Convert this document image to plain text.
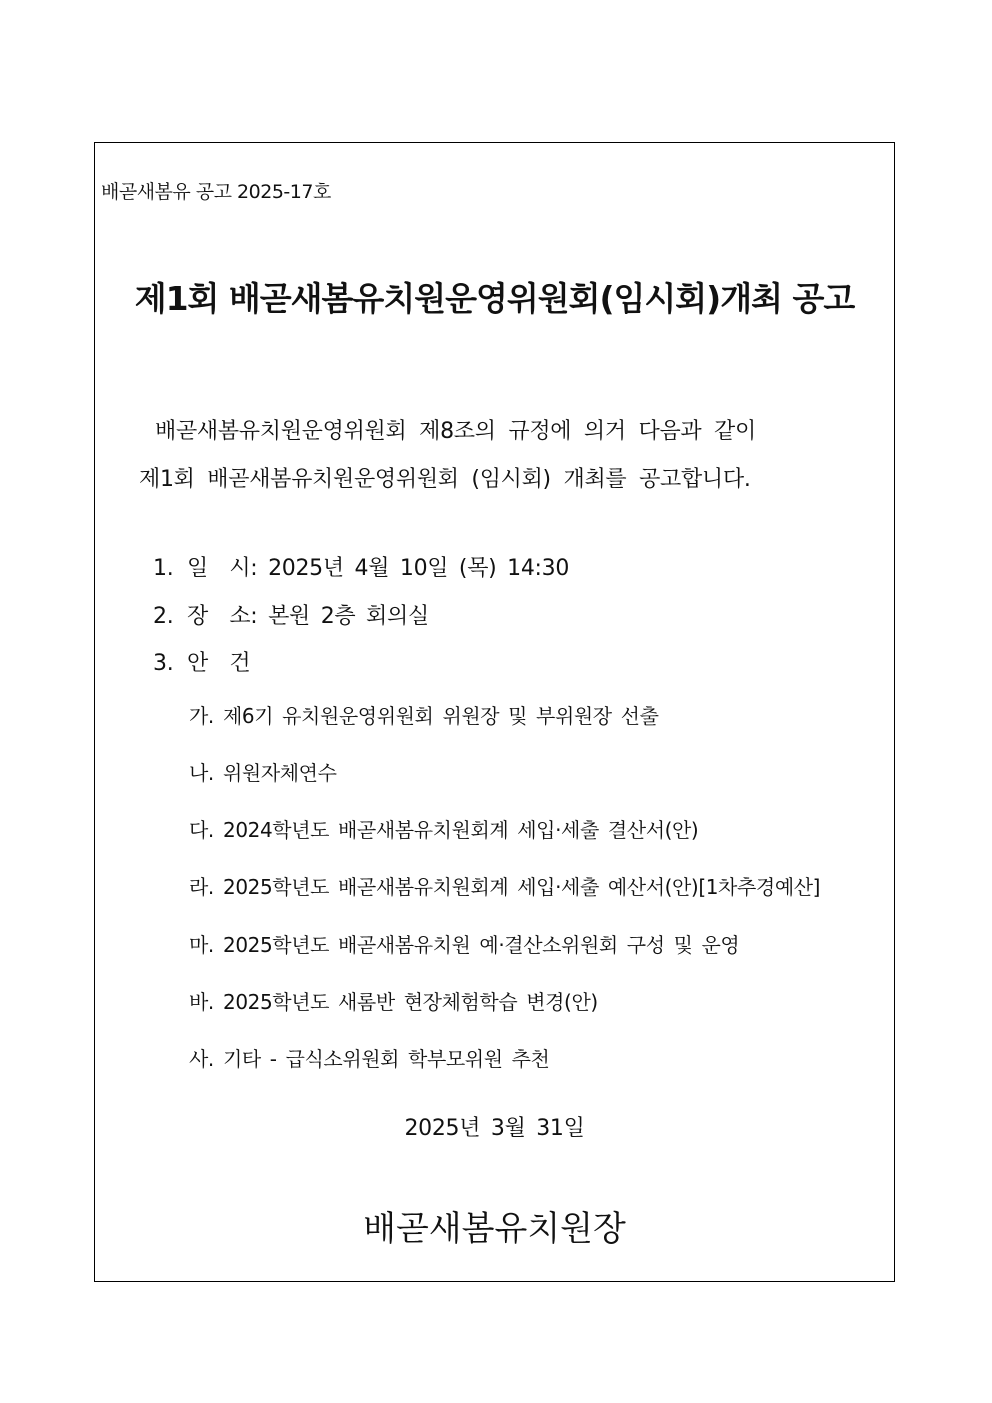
배곧새봄유 공고 2025-17호
제1회 배곧새봄유치원운영위원회(임시회)개최 공고
배곧새봄유치원운영위원회 제8조의 규정에 의거 다음과 같이
제1회 배곧새봄유치원운영위원회 (임시회) 개최를 공고합니다.
1. 일  시: 2025년 4월 10일 (목) 14:30
2. 장  소: 본원 2층 회의실
3. 안  건
가. 제6기 유치원운영위원회 위원장 및 부위원장 선출
나. 위원자체연수
다. 2024학년도 배곧새봄유치원회계 세입·세출 결산서(안)
라. 2025학년도 배곧새봄유치원회계 세입·세출 예산서(안)[1차추경예산]
마. 2025학년도 배곧새봄유치원 예·결산소위원회 구성 및 운영
바. 2025학년도 새롬반 현장체험학습 변경(안)
사. 기타 - 급식소위원회 학부모위원 추천
2025년 3월 31일
배곧새봄유치원장
